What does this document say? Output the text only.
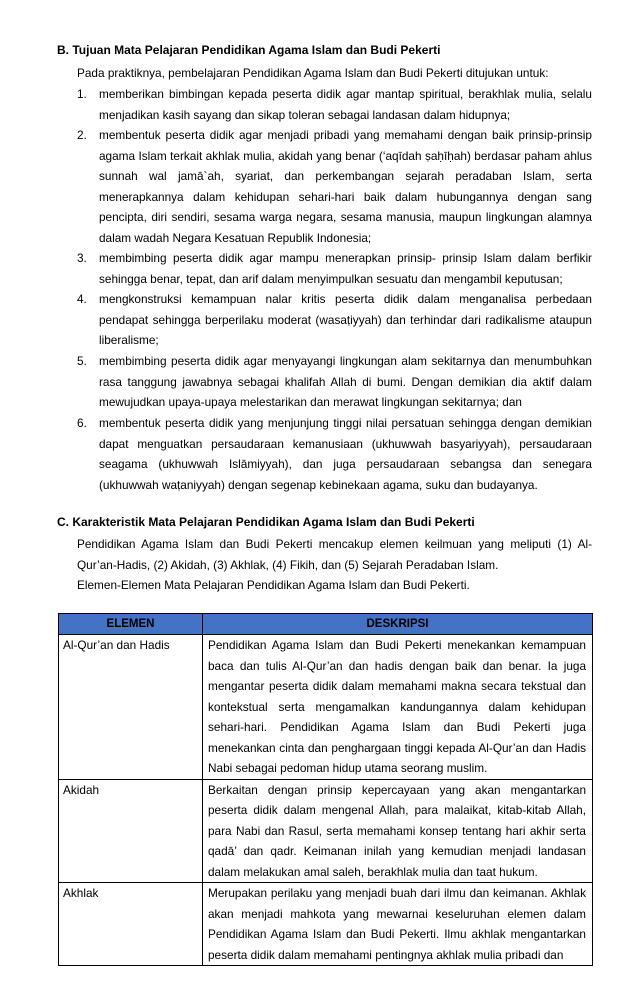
B. Tujuan Mata Pelajaran Pendidikan Agama Islam dan Budi Pekerti
Pada praktiknya, pembelajaran Pendidikan Agama Islam dan Budi Pekerti ditujukan untuk:
1. memberikan bimbingan kepada peserta didik agar mantap spiritual, berakhlak mulia, selalu menjadikan kasih sayang dan sikap toleran sebagai landasan dalam hidupnya;
2. membentuk peserta didik agar menjadi pribadi yang memahami dengan baik prinsip-prinsip agama Islam terkait akhlak mulia, akidah yang benar (‘aqīdah ṣaḥīḥah) berdasar paham ahlus sunnah wal jamā`ah, syariat, dan perkembangan sejarah peradaban Islam, serta menerapkannya dalam kehidupan sehari-hari baik dalam hubungannya dengan sang pencipta, diri sendiri, sesama warga negara, sesama manusia, maupun lingkungan alamnya dalam wadah Negara Kesatuan Republik Indonesia;
3. membimbing peserta didik agar mampu menerapkan prinsip- prinsip Islam dalam berfikir sehingga benar, tepat, dan arif dalam menyimpulkan sesuatu dan mengambil keputusan;
4. mengkonstruksi kemampuan nalar kritis peserta didik dalam menganalisa perbedaan pendapat sehingga berperilaku moderat (wasaṭiyyah) dan terhindar dari radikalisme ataupun liberalisme;
5. membimbing peserta didik agar menyayangi lingkungan alam sekitarnya dan menumbuhkan rasa tanggung jawabnya sebagai khalifah Allah di bumi. Dengan demikian dia aktif dalam mewujudkan upaya-upaya melestarikan dan merawat lingkungan sekitarnya; dan
6. membentuk peserta didik yang menjunjung tinggi nilai persatuan sehingga dengan demikian dapat menguatkan persaudaraan kemanusiaan (ukhuwwah basyariyyah), persaudaraan seagama (ukhuwwah Islāmiyyah), dan juga persaudaraan sebangsa dan senegara (ukhuwwah waṭaniyyah) dengan segenap kebinekaan agama, suku dan budayanya.
C. Karakteristik Mata Pelajaran Pendidikan Agama Islam dan Budi Pekerti
Pendidikan Agama Islam dan Budi Pekerti mencakup elemen keilmuan yang meliputi (1) Al-Qur’an-Hadis, (2) Akidah, (3) Akhlak, (4) Fikih, dan (5) Sejarah Peradaban Islam.
Elemen-Elemen Mata Pelajaran Pendidikan Agama Islam dan Budi Pekerti.
ELEMEN	DESKRIPSI
Al-Qur’an dan Hadis	Pendidikan Agama Islam dan Budi Pekerti menekankan kemampuan baca dan tulis Al-Qur’an dan hadis dengan baik dan benar. Ia juga mengantar peserta didik dalam memahami makna secara tekstual dan kontekstual serta mengamalkan kandungannya dalam kehidupan sehari-hari. Pendidikan Agama Islam dan Budi Pekerti juga menekankan cinta dan penghargaan tinggi kepada Al-Qur’an dan Hadis Nabi sebagai pedoman hidup utama seorang muslim.
Akidah	Berkaitan dengan prinsip kepercayaan yang akan mengantarkan peserta didik dalam mengenal Allah, para malaikat, kitab-kitab Allah, para Nabi dan Rasul, serta memahami konsep tentang hari akhir serta qadā’ dan qadr. Keimanan inilah yang kemudian menjadi landasan dalam melakukan amal saleh, berakhlak mulia dan taat hukum.
Akhlak	Merupakan perilaku yang menjadi buah dari ilmu dan keimanan. Akhlak akan menjadi mahkota yang mewarnai keseluruhan elemen dalam Pendidikan Agama Islam dan Budi Pekerti. Ilmu akhlak mengantarkan peserta didik dalam memahami pentingnya akhlak mulia pribadi dan
